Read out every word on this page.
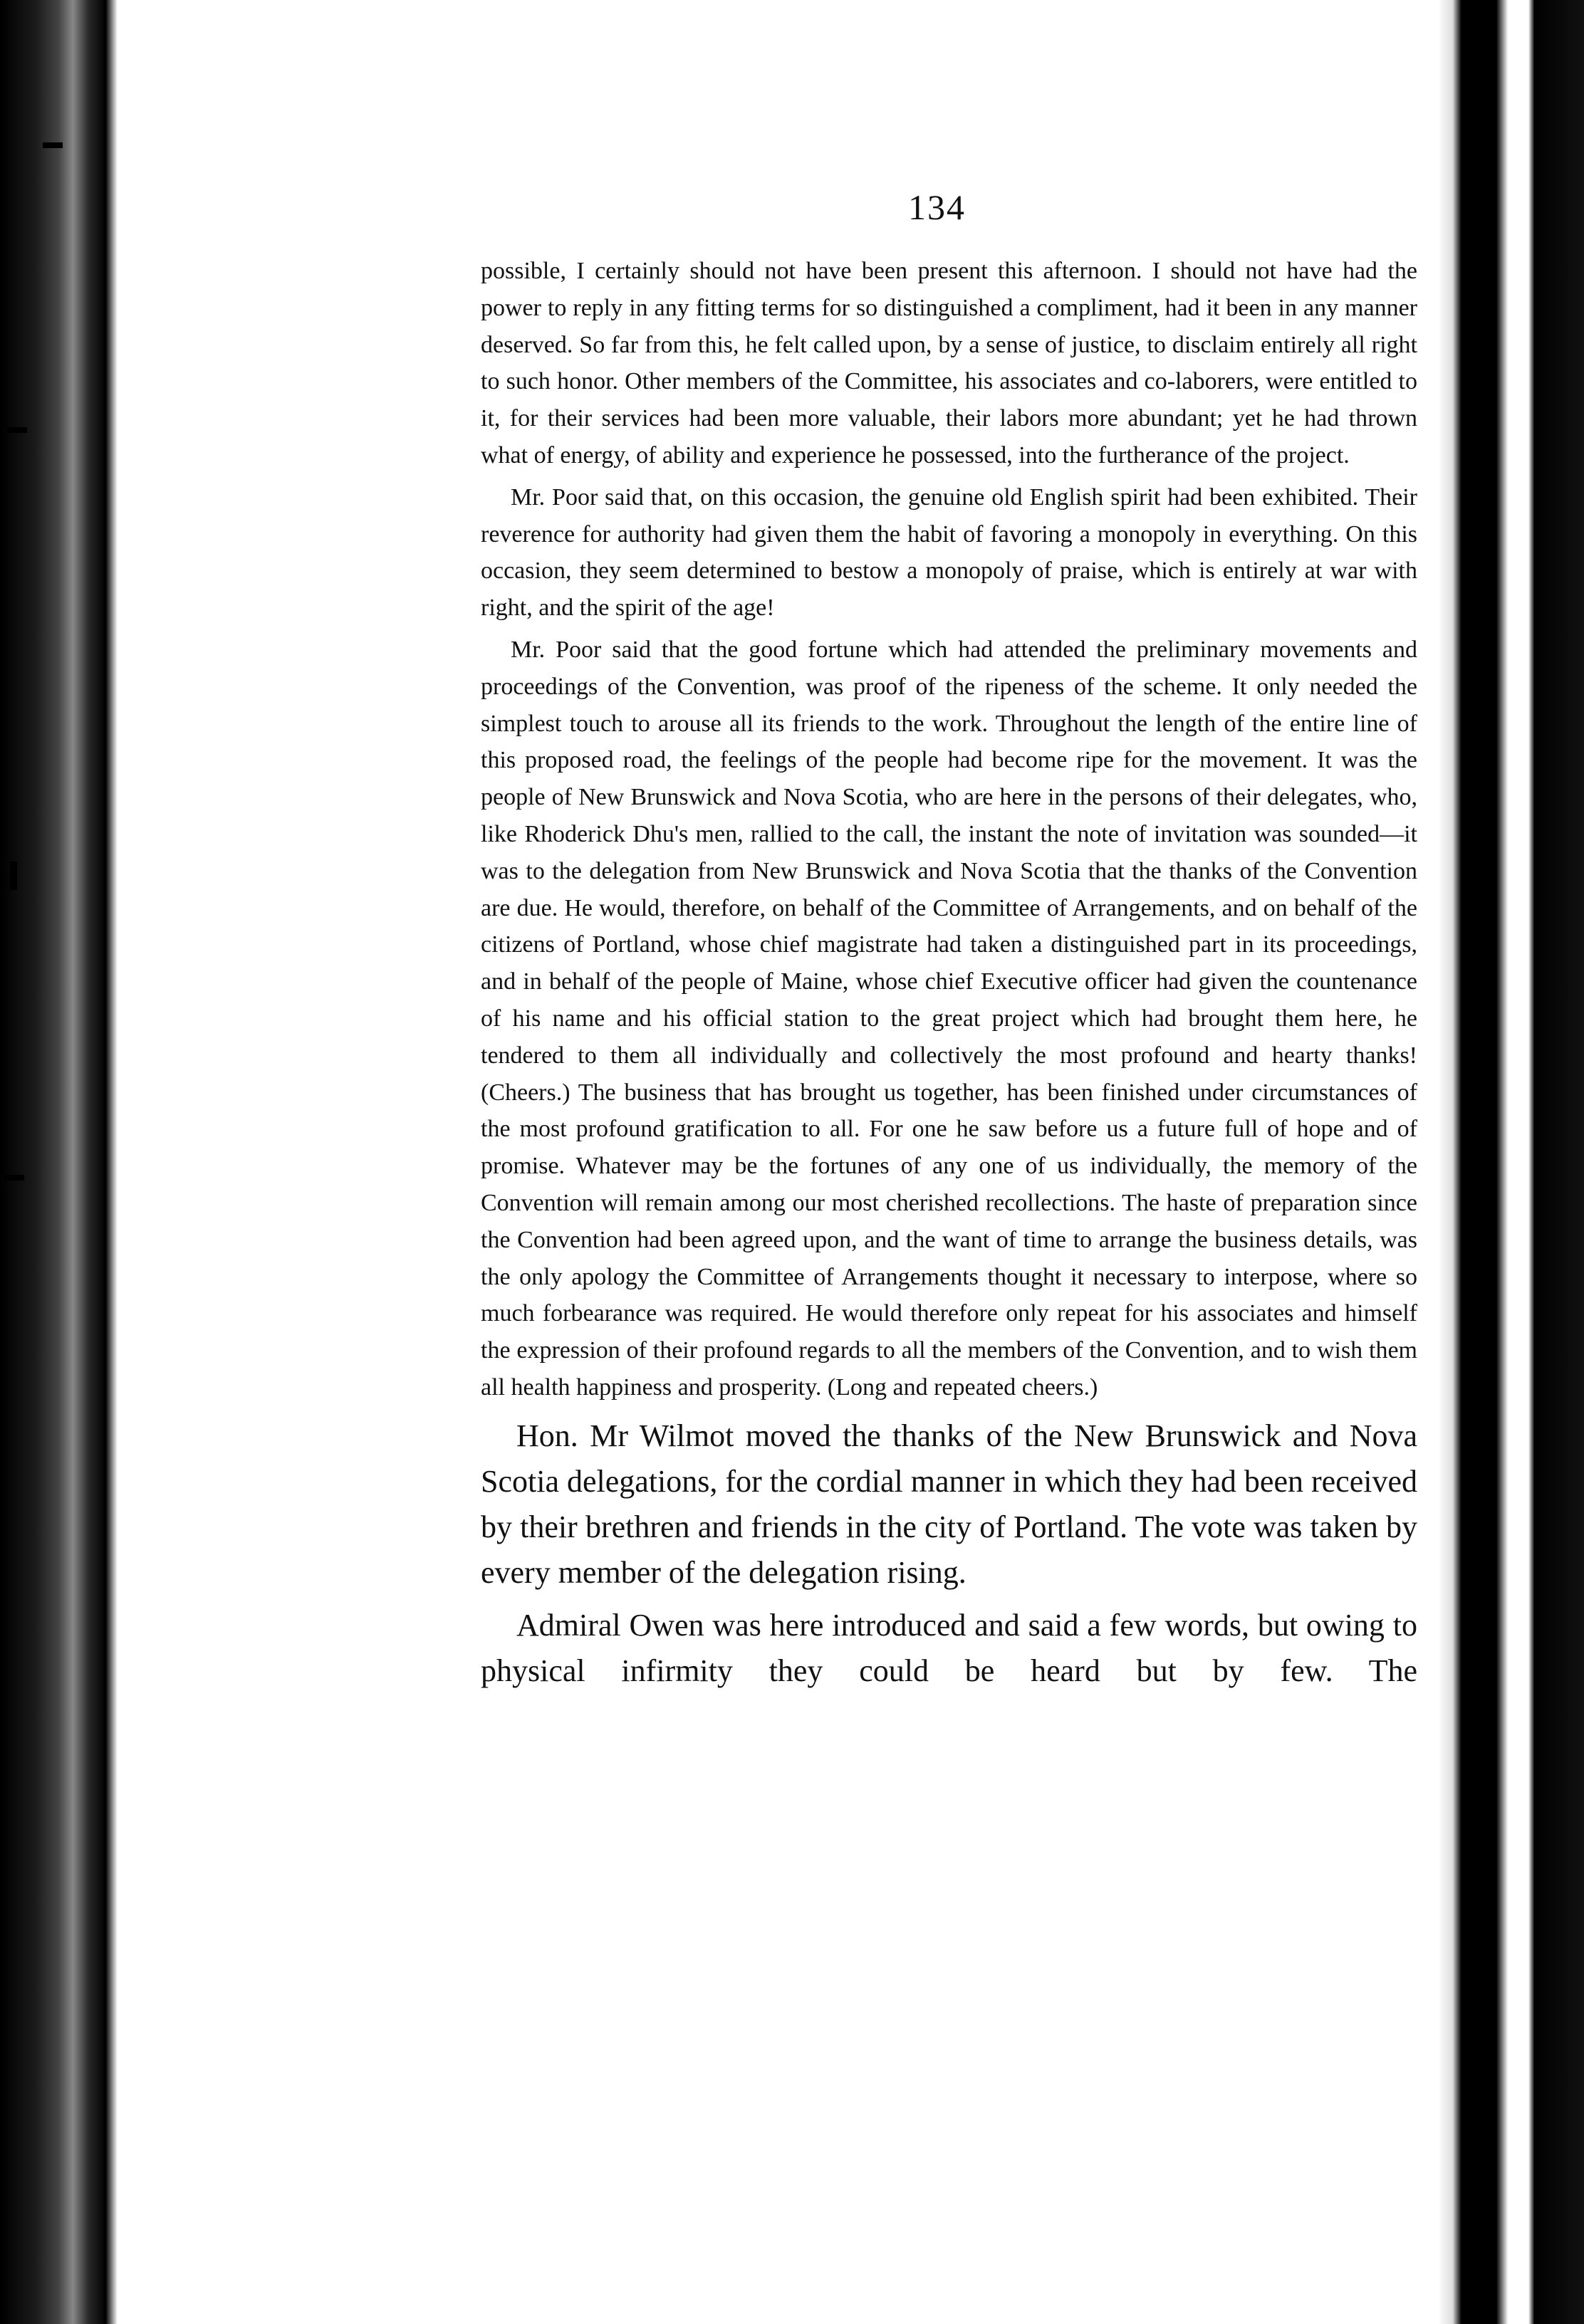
134

possible, I certainly should not have been present this afternoon. I should not have had the power to reply in any fitting terms for so distinguished a compliment, had it been in any manner deserved. So far from this, he felt called upon, by a sense of justice, to disclaim entirely all right to such honor. Other members of the Committee, his associates and co-laborers, were entitled to it, for their services had been more valuable, their labors more abundant; yet he had thrown what of energy, of ability and experience he possessed, into the furtherance of the project.

Mr. Poor said that, on this occasion, the genuine old English spirit had been exhibited. Their reverence for authority had given them the habit of favoring a monopoly in everything. On this occasion, they seem determined to bestow a monopoly of praise, which is entirely at war with right, and the spirit of the age!

Mr. Poor said that the good fortune which had attended the preliminary movements and proceedings of the Convention, was proof of the ripeness of the scheme. It only needed the simplest touch to arouse all its friends to the work. Throughout the length of the entire line of this proposed road, the feelings of the people had become ripe for the movement. It was the people of New Brunswick and Nova Scotia, who are here in the persons of their delegates, who, like Rhoderick Dhu's men, rallied to the call, the instant the note of invitation was sounded—it was to the delegation from New Brunswick and Nova Scotia that the thanks of the Convention are due. He would, therefore, on behalf of the Committee of Arrangements, and on behalf of the citizens of Portland, whose chief magistrate had taken a distinguished part in its proceedings, and in behalf of the people of Maine, whose chief Executive officer had given the countenance of his name and his official station to the great project which had brought them here, he tendered to them all individually and collectively the most profound and hearty thanks! (Cheers.) The business that has brought us together, has been finished under circumstances of the most profound gratification to all. For one he saw before us a future full of hope and of promise. Whatever may be the fortunes of any one of us individually, the memory of the Convention will remain among our most cherished recollections. The haste of preparation since the Convention had been agreed upon, and the want of time to arrange the business details, was the only apology the Committee of Arrangements thought it necessary to interpose, where so much forbearance was required. He would therefore only repeat for his associates and himself the expression of their profound regards to all the members of the Convention, and to wish them all health happiness and prosperity. (Long and repeated cheers.)

Hon. Mr Wilmot moved the thanks of the New Brunswick and Nova Scotia delegations, for the cordial manner in which they had been received by their brethren and friends in the city of Portland. The vote was taken by every member of the delegation rising.

Admiral Owen was here introduced and said a few words, but owing to physical infirmity they could be heard but by few. The
